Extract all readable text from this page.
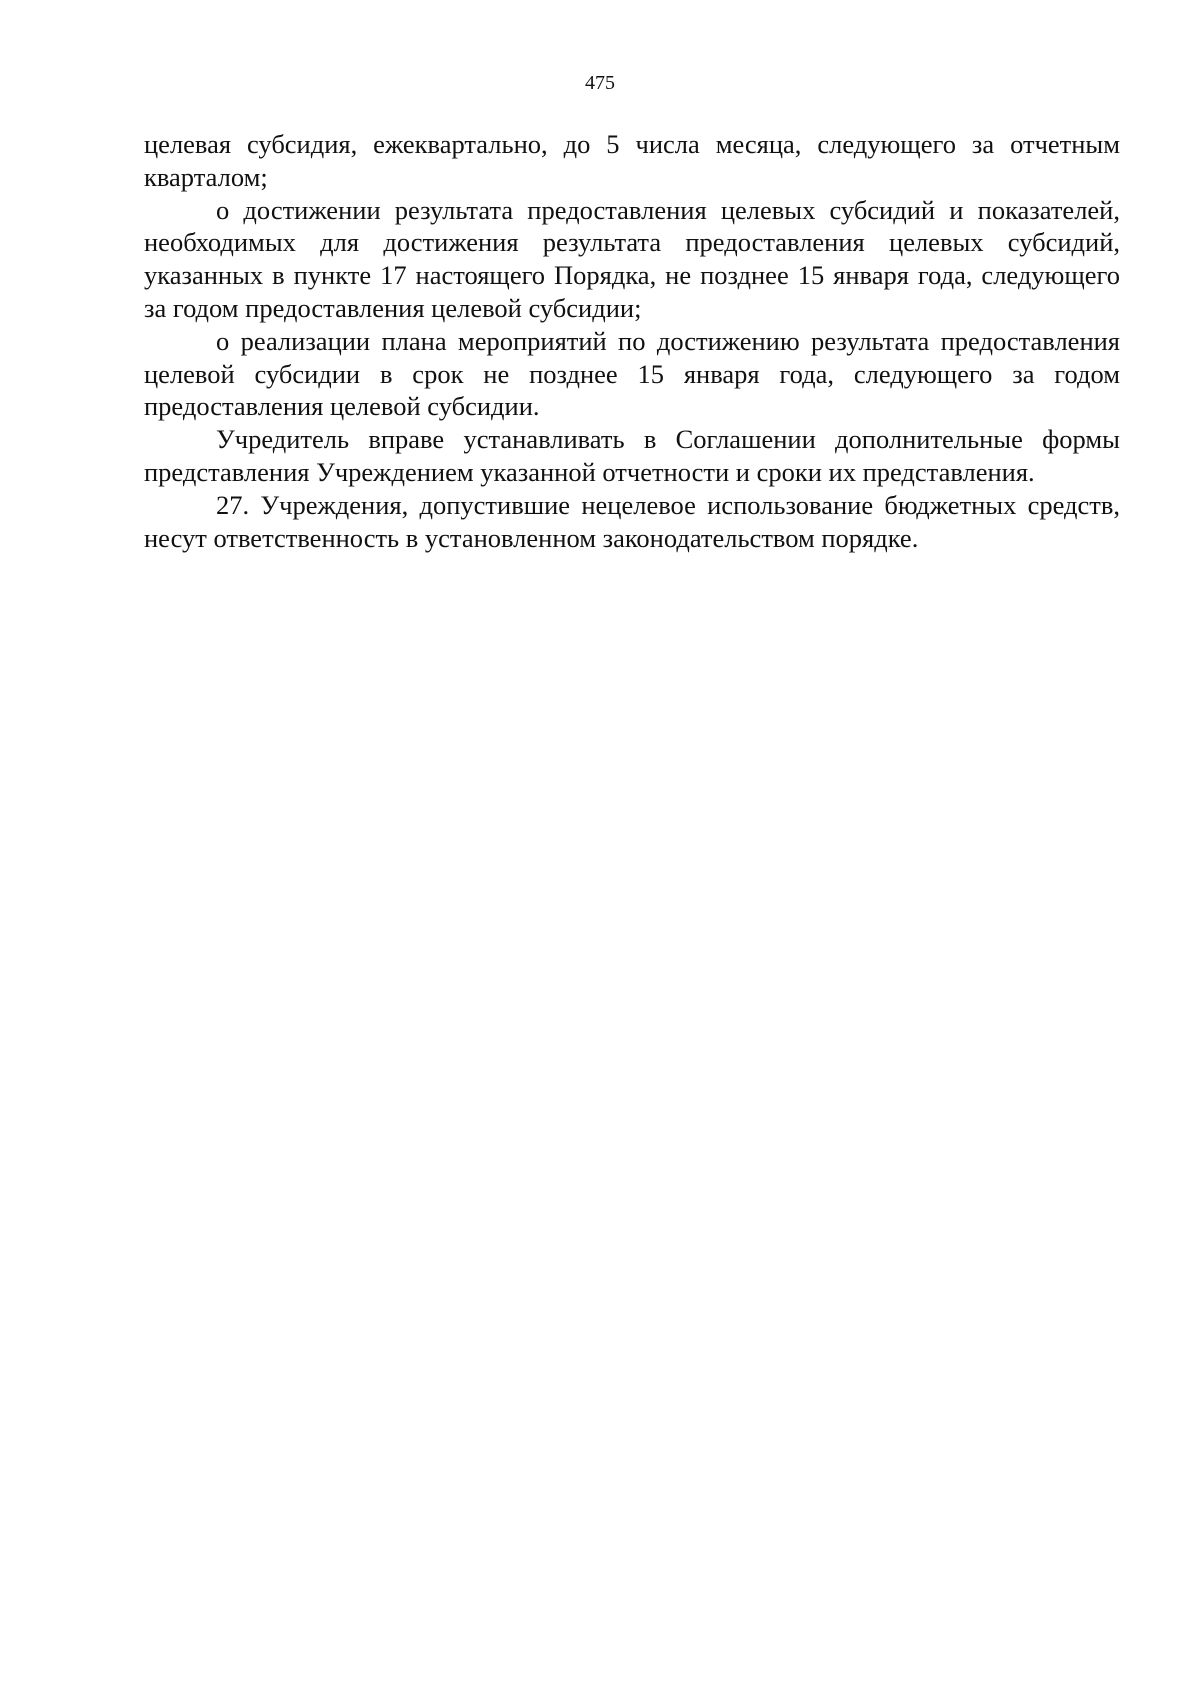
475

целевая субсидия, ежеквартально, до 5 числа месяца, следующего за отчетным кварталом;

о достижении результата предоставления целевых субсидий и показателей, необходимых для достижения результата предоставления целевых субсидий, указанных в пункте 17 настоящего Порядка, не позднее 15 января года, следующего за годом предоставления целевой субсидии;

о реализации плана мероприятий по достижению результата предоставления целевой субсидии в срок не позднее 15 января года, следующего за годом предоставления целевой субсидии.

Учредитель вправе устанавливать в Соглашении дополнительные формы представления Учреждением указанной отчетности и сроки их представления.

27. Учреждения, допустившие нецелевое использование бюджетных средств, несут ответственность в установленном законодательством порядке.
